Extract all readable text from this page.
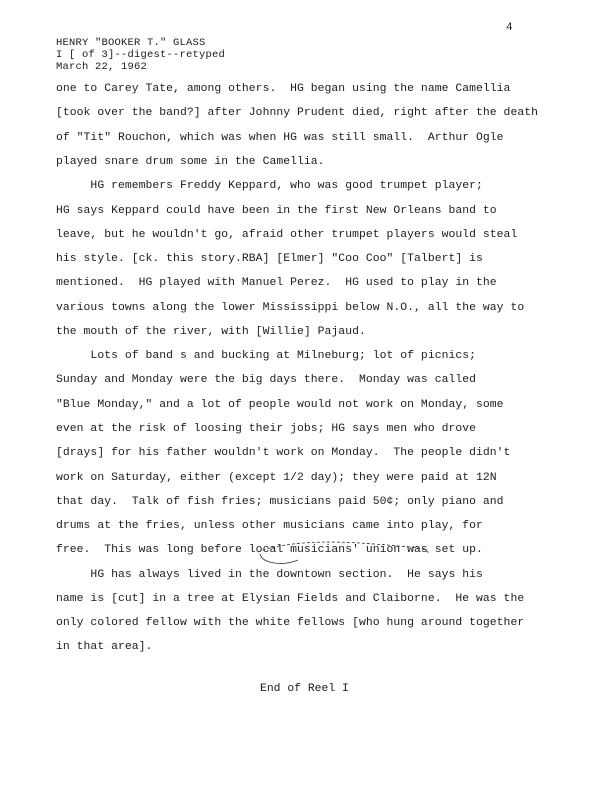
4
HENRY "BOOKER T." GLASS
I [ of 3]--digest--retyped
March 22, 1962
one to Carey Tate, among others.  HG began using the name Camellia
[took over the band?] after Johnny Prudent died, right after the death
of "Tit" Rouchon, which was when HG was still small.  Arthur Ogle
played snare drum some in the Camellia.
HG remembers Freddy Keppard, who was good trumpet player;
HG says Keppard could have been in the first New Orleans band to
leave, but he wouldn't go, afraid other trumpet players would steal
his style. [ck. this story.RBA] [Elmer] "Coo Coo" [Talbert] is
mentioned.  HG played with Manuel Perez.  HG used to play in the
various towns along the lower Mississippi below N.O., all the way to
the mouth of the river, with [Willie] Pajaud.
Lots of band s and bucking at Milneburg; lot of picnics;
Sunday and Monday were the big days there.  Monday was called
"Blue Monday," and a lot of people would not work on Monday, some
even at the risk of loosing their jobs; HG says men who drove
[drays] for his father wouldn't work on Monday.  The people didn't
work on Saturday, either (except 1/2 day); they were paid at 12N
that day.  Talk of fish fries; musicians paid 50¢; only piano and
drums at the fries, unless other musicians came into play, for
free.  This was long before local musicians' union was set up.
HG has always lived in the downtown section.  He says his
name is [cut] in a tree at Elysian Fields and Claiborne.  He was the
only colored fellow with the white fellows [who hung around together
in that area].
End of Reel I
